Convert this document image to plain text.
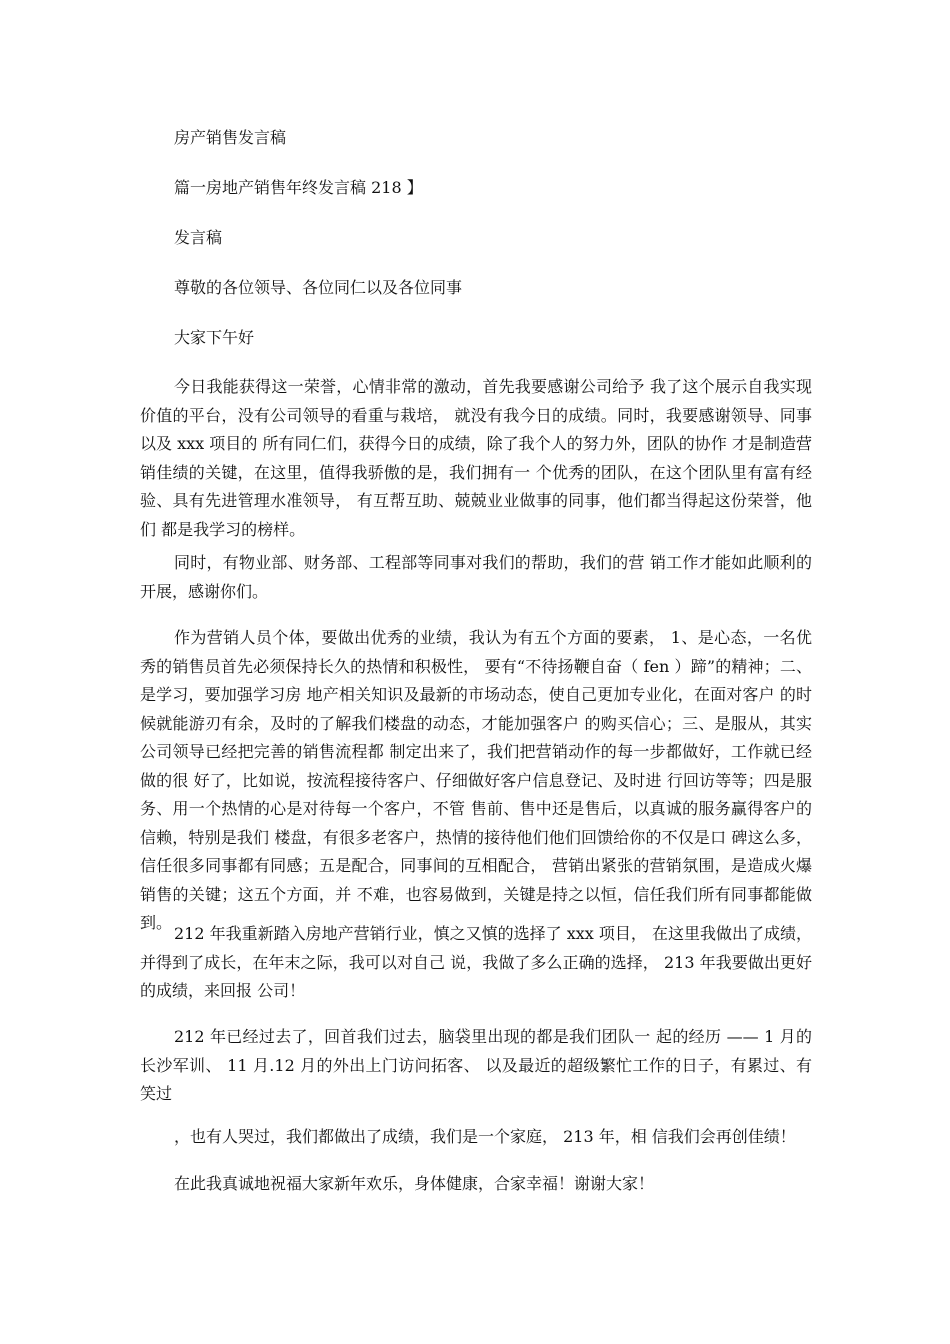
房产销售发言稿

篇一房地产销售年终发言稿 218 】

发言稿

尊敬的各位领导、各位同仁以及各位同事

大家下午好

今日我能获得这一荣誉，心情非常的激动，首先我要感谢公司给予 我了这个展示自我实现价值的平台，没有公司领导的看重与栽培， 就没有我今日的成绩。同时，我要感谢领导、同事以及 xxx 项目的 所有同仁们，获得今日的成绩，除了我个人的努力外，团队的协作 才是制造营销佳绩的关键，在这里，值得我骄傲的是，我们拥有一 个优秀的团队，在这个团队里有富有经验、具有先进管理水准领导， 有互帮互助、兢兢业业做事的同事，他们都当得起这份荣誉，他们 都是我学习的榜样。

同时，有物业部、财务部、工程部等同事对我们的帮助，我们的营 销工作才能如此顺利的开展，感谢你们。

作为营销人员个体，要做出优秀的业绩，我认为有五个方面的要素， 1、是心态，一名优秀的销售员首先必须保持长久的热情和积极性， 要有“不待扬鞭自奋（ fen ）蹄”的精神；二、是学习，要加强学习房 地产相关知识及最新的市场动态，使自己更加专业化，在面对客户 的时候就能游刃有余，及时的了解我们楼盘的动态，才能加强客户 的购买信心；三、是服从，其实公司领导已经把完善的销售流程都 制定出来了，我们把营销动作的每一步都做好，工作就已经做的很 好了，比如说，按流程接待客户、仔细做好客户信息登记、及时进 行回访等等；四是服务、用一个热情的心是对待每一个客户，不管 售前、售中还是售后，以真诚的服务赢得客户的信赖，特别是我们 楼盘，有很多老客户，热情的接待他们他们回馈给你的不仅是口 碑这么多，信任很多同事都有同感；五是配合，同事间的互相配合， 营销出紧张的营销氛围，是造成火爆销售的关键；这五个方面，并 不难，也容易做到，关键是持之以恒，信任我们所有同事都能做到。

212 年我重新踏入房地产营销行业，慎之又慎的选择了 xxx 项目， 在这里我做出了成绩，并得到了成长，在年末之际，我可以对自己 说，我做了多么正确的选择， 213 年我要做出更好的成绩，来回报 公司！

212 年已经过去了，回首我们过去，脑袋里出现的都是我们团队一 起的经历 —— 1 月的长沙军训、 11 月.12 月的外出上门访问拓客、 以及最近的超级繁忙工作的日子，有累过、有笑过

，也有人哭过，我们都做出了成绩，我们是一个家庭， 213 年，相 信我们会再创佳绩！

在此我真诚地祝福大家新年欢乐，身体健康，合家幸福！谢谢大家！
